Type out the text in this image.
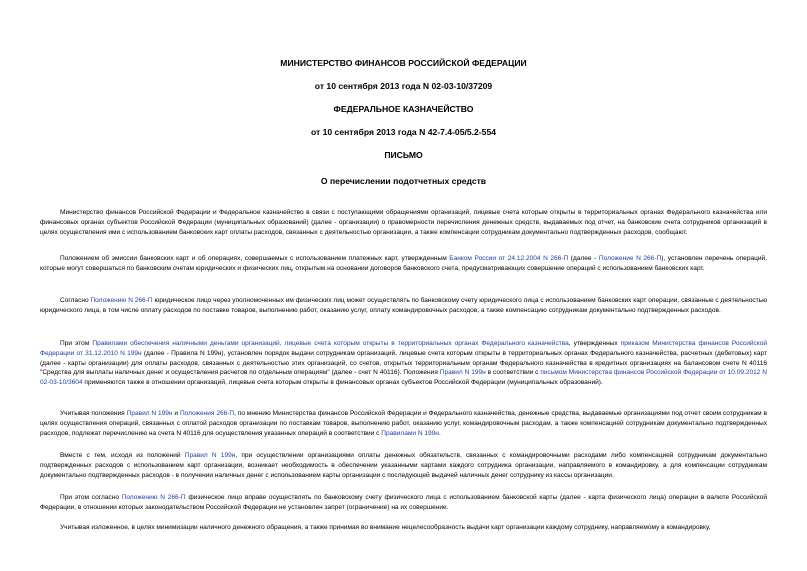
МИНИСТЕРСТВО ФИНАНСОВ РОССИЙСКОЙ ФЕДЕРАЦИИ
от 10 сентября 2013 года N 02-03-10/37209
ФЕДЕРАЛЬНОЕ КАЗНАЧЕЙСТВО
от 10 сентября 2013 года N 42-7.4-05/5.2-554
ПИСЬМО
О перечислении подотчетных средств
Министерство финансов Российской Федерации и Федеральное казначейство в связи с поступающими обращениями организаций, лицевые счета которым открыты в территориальных органах Федерального казначейства или финансовых органах субъектов Российской Федерации (муниципальных образований) (далее - организации) о правомерности перечисления денежных средств, выдаваемых под отчет, на банковские счета сотрудников организаций в целях осуществления ими с использованием банковских карт оплаты расходов, связанных с деятельностью организации, а также компенсации сотрудникам документально подтвержденных расходов, сообщают.
Положением об эмиссии банковских карт и об операциях, совершаемых с использованием платежных карт, утвержденным Банком России от 24.12.2004 N 266-П (далее - Положение N 266-П), установлен перечень операций, которые могут совершаться по банковским счетам юридических и физических лиц, открытым на основании договоров банковского счета, предусматривающих совершение операций с использованием банковских карт.
Согласно Положению N 266-П юридическое лицо через уполномоченных им физических лиц может осуществлять по банковскому счету юридического лица с использованием банковских карт операции, связанные с деятельностью юридического лица, в том числе оплату расходов по поставке товаров, выполнению работ, оказанию услуг, оплату командировочных расходов, а также компенсацию сотрудникам документально подтвержденных расходов.
При этом Правилами обеспечения наличными деньгами организаций, лицевые счета которым открыты в территориальных органах Федерального казначейства, утвержденных приказом Министерства финансов Российской Федерации от 31.12.2010 N 199н (далее - Правила N 199н), установлен порядок выдачи сотрудникам организаций, лицевые счета которым открыты в территориальных органах Федерального казначейства, расчетных (дебетовых) карт (далее - карты организации) для оплаты расходов, связанных с деятельностью этих организаций, со счетов, открытых территориальным органам Федерального казначейства в кредитных организациях на балансовом счете N 40116 "Средства для выплаты наличных денег и осуществления расчетов по отдельным операциям" (далее - счет N 40116). Положения Правил N 199н в соответствии с письмом Министерства финансов Российской Федерации от 10.09.2012 N 02-03-10/3604 применяются также в отношении организаций, лицевые счета которым открыты в финансовых органах субъектов Российской Федерации (муниципальных образований).
Учитывая положения Правил N 199н и Положения 266-П, по мнению Министерства финансов Российской Федерации и Федерального казначейства, денежные средства, выдаваемые организациями под отчет своим сотрудникам в целях осуществления операций, связанных с оплатой расходов организации по поставкам товаров, выполнению работ, оказанию услуг, командировочным расходам, а также компенсацией сотрудникам документально подтвержденных расходов, подлежат перечислению на счета N 40116 для осуществления указанных операций в соответствии с Правилами N 199н.
Вместе с тем, исходя из положений Правил N 199н, при осуществлении организациями оплаты денежных обязательств, связанных с командировочными расходами либо компенсацией сотрудникам документально подтвержденных расходов с использованием карт организации, возникает необходимость в обеспечении указанными картами каждого сотрудника организации, направляемого в командировку, а для компенсации сотрудникам документально подтвержденных расходов - в получении наличных денег с использованием карты организации с последующей выдачей наличных денег сотруднику из кассы организации.
При этом согласно Положению N 266-П физическое лицо вправе осуществлять по банковскому счету физического лица с использованием банковской карты (далее - карта физического лица) операции в валюте Российской Федерации, в отношении которых законодательством Российской Федерации не установлен запрет (ограничение) на их совершение.
Учитывая изложенное, в целях минимизации наличного денежного обращения, а также принимая во внимание нецелесообразность выдачи карт организации каждому сотруднику, направляемому в командировку,
